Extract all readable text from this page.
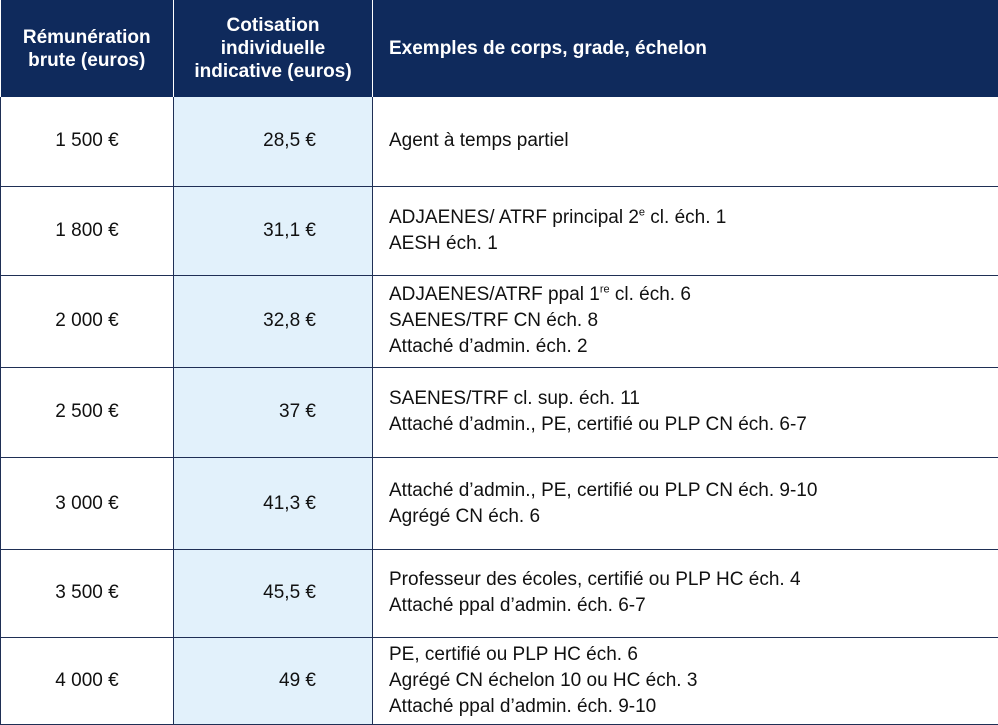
Rémunération
brute (euros)	Cotisation
individuelle
indicative (euros)	Exemples de corps, grade, échelon
1 500 €	28,5 €	Agent à temps partiel

1 800 €	31,1 €	ADJAENES/ ATRF principal 2e cl. éch. 1
AESH éch. 1

2 000 €	32,8 €	ADJAENES/ATRF ppal 1re cl. éch. 6
SAENES/TRF CN éch. 8
Attaché d’admin. éch. 2

2 500 €	37 €	SAENES/TRF cl. sup. éch. 11
Attaché d’admin., PE, certifié ou PLP CN éch. 6-7

3 000 €	41,3 €	Attaché d’admin., PE, certifié ou PLP CN éch. 9-10
Agrégé CN éch. 6

3 500 €	45,5 €	Professeur des écoles, certifié ou PLP HC éch. 4
Attaché ppal d’admin. éch. 6-7

4 000 €	49 €	PE, certifié ou PLP HC éch. 6
Agrégé CN échelon 10 ou HC éch. 3
Attaché ppal d’admin. éch. 9-10
